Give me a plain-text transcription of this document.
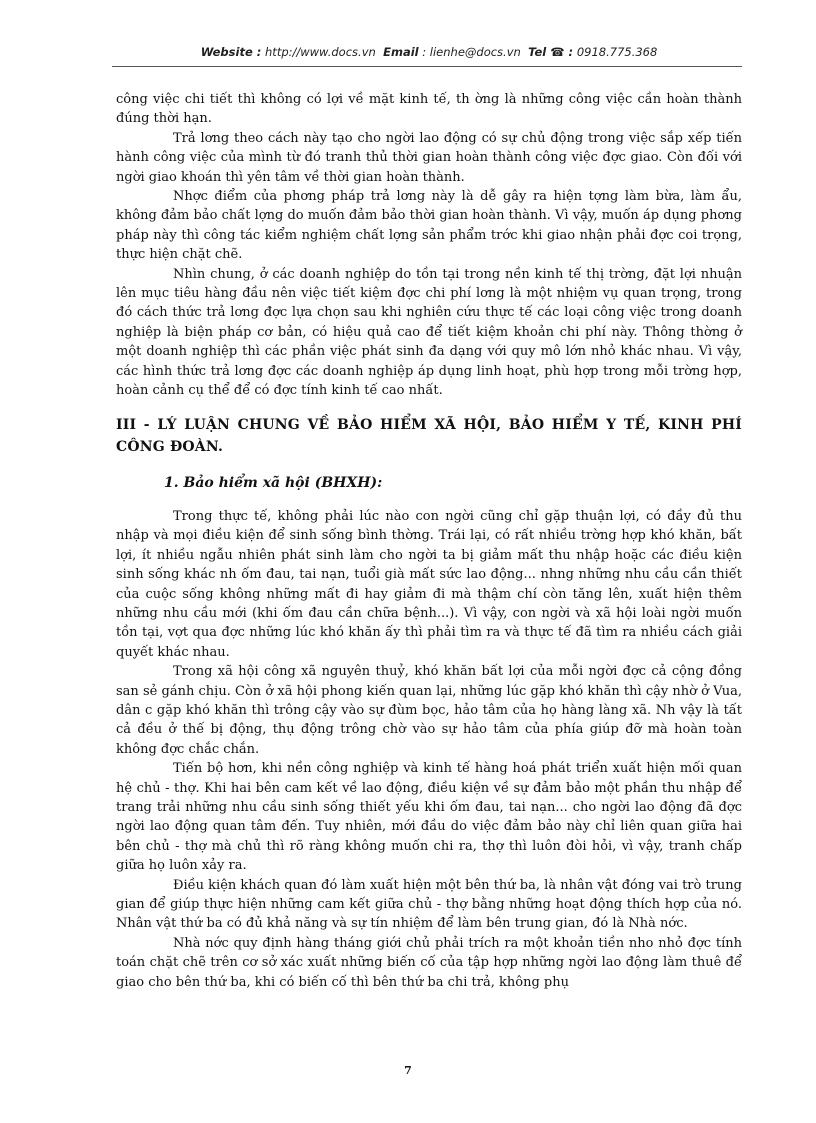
Website : http://www.docs.vn Email : lienhe@docs.vn Tel ☎ : 0918.775.368

công việc chi tiết thì không có lợi về mặt kinh tế, th ờng là những công việc cần hoàn thành đúng thời hạn.

Trả lơng theo cách này tạo cho ngời lao động có sự chủ động trong việc sắp xếp tiến hành công việc của mình từ đó tranh thủ thời gian hoàn thành công việc đợc giao. Còn đối với ngời giao khoán thì yên tâm về thời gian hoàn thành.

Nhợc điểm của phơng pháp trả lơng này là dễ gây ra hiện tợng làm bừa, làm ẩu, không đảm bảo chất lợng do muốn đảm bảo thời gian hoàn thành. Vì vậy, muốn áp dụng phơng pháp này thì công tác kiểm nghiệm chất lợng sản phẩm trớc khi giao nhận phải đợc coi trọng, thực hiện chặt chẽ.

Nhìn chung, ở các doanh nghiệp do tồn tại trong nền kinh tế thị trờng, đặt lợi nhuận lên mục tiêu hàng đầu nên việc tiết kiệm đợc chi phí lơng là một nhiệm vụ quan trọng, trong đó cách thức trả lơng đợc lựa chọn sau khi nghiên cứu thực tế các loại công việc trong doanh nghiệp là biện pháp cơ bản, có hiệu quả cao để tiết kiệm khoản chi phí này. Thông thờng ở một doanh nghiệp thì các phần việc phát sinh đa dạng với quy mô lớn nhỏ khác nhau. Vì vậy, các hình thức trả lơng đợc các doanh nghiệp áp dụng linh hoạt, phù hợp trong mỗi trờng hợp, hoàn cảnh cụ thể để có đợc tính kinh tế cao nhất.

III - LÝ LUẬN CHUNG VỀ BẢO HIỂM XÃ HỘI, BẢO HIỂM Y TẾ, KINH PHÍ CÔNG ĐOÀN.

1. Bảo hiểm xã hội (BHXH):

Trong thực tế, không phải lúc nào con ngời cũng chỉ gặp thuận lợi, có đầy đủ thu nhập và mọi điều kiện để sinh sống bình thờng. Trái lại, có rất nhiều trờng hợp khó khăn, bất lợi, ít nhiều ngẫu nhiên phát sinh làm cho ngời ta bị giảm mất thu nhập hoặc các điều kiện sinh sống khác nh ốm đau, tai nạn, tuổi già mất sức lao động... nhng những nhu cầu cần thiết của cuộc sống không những mất đi hay giảm đi mà thậm chí còn tăng lên, xuất hiện thêm những nhu cầu mới (khi ốm đau cần chữa bệnh...). Vì vậy, con ngời và xã hội loài ngời muốn tồn tại, vợt qua đợc những lúc khó khăn ấy thì phải tìm ra và thực tế đã tìm ra nhiều cách giải quyết khác nhau.

Trong xã hội công xã nguyên thuỷ, khó khăn bất lợi của mỗi ngời đợc cả cộng đồng san sẻ gánh chịu. Còn ở xã hội phong kiến quan lại, những lúc gặp khó khăn thì cậy nhờ ở Vua, dân c gặp khó khăn thì trông cậy vào sự đùm bọc, hảo tâm của họ hàng làng xã. Nh vậy là tất cả đều ở thế bị động, thụ động trông chờ vào sự hảo tâm của phía giúp đỡ mà hoàn toàn không đợc chắc chắn.

Tiến bộ hơn, khi nền công nghiệp và kinh tế hàng hoá phát triển xuất hiện mối quan hệ chủ - thợ. Khi hai bên cam kết về lao động, điều kiện về sự đảm bảo một phần thu nhập để trang trải những nhu cầu sinh sống thiết yếu khi ốm đau, tai nạn... cho ngời lao động đã đợc ngời lao động quan tâm đến. Tuy nhiên, mới đầu do việc đảm bảo này chỉ liên quan giữa hai bên chủ - thợ mà chủ thì rõ ràng không muốn chi ra, thợ thì luôn đòi hỏi, vì vậy, tranh chấp giữa họ luôn xảy ra.

Điều kiện khách quan đó làm xuất hiện một bên thứ ba, là nhân vật đóng vai trò trung gian để giúp thực hiện những cam kết giữa chủ - thợ bằng những hoạt động thích hợp của nó. Nhân vật thứ ba có đủ khả năng và sự tín nhiệm để làm bên trung gian, đó là Nhà nớc.

Nhà nớc quy định hàng tháng giới chủ phải trích ra một khoản tiền nho nhỏ đợc tính toán chặt chẽ trên cơ sở xác xuất những biến cố của tập hợp những ngời lao động làm thuê để giao cho bên thứ ba, khi có biến cố thì bên thứ ba chi trả, không phụ

7
